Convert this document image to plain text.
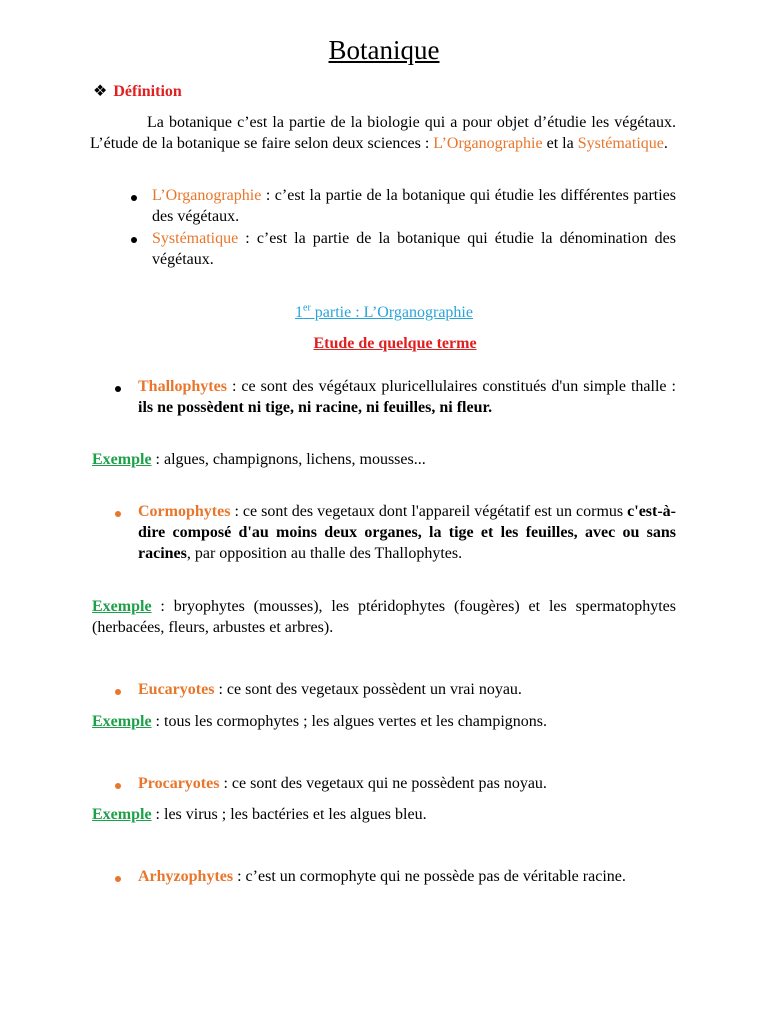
Botanique
❖ Définition
La botanique c’est la partie de la biologie qui a pour objet d’étudie les végétaux. L’étude de la botanique se faire selon deux sciences : L’Organographie et la Systématique.
L’Organographie : c’est la partie de la botanique qui étudie les différentes parties des végétaux.
Systématique : c’est la partie de la botanique qui étudie la dénomination des végétaux.
1er partie : L’Organographie
Etude de quelque terme
Thallophytes : ce sont des végétaux pluricellulaires constitués d'un simple thalle : ils ne possèdent ni tige, ni racine, ni feuilles, ni fleur.
Exemple : algues, champignons, lichens, mousses...
Cormophytes : ce sont des vegetaux dont l'appareil végétatif est un cormus c'est-à-dire composé d'au moins deux organes, la tige et les feuilles, avec ou sans racines, par opposition au thalle des Thallophytes.
Exemple : bryophytes (mousses), les ptéridophytes (fougères) et les spermatophytes (herbacées, fleurs, arbustes et arbres).
Eucaryotes : ce sont des vegetaux possèdent un vrai noyau.
Exemple : tous les cormophytes ; les algues vertes et les champignons.
Procaryotes : ce sont des vegetaux qui ne possèdent pas noyau.
Exemple : les virus ; les bactéries et les algues bleu.
Arhyzophytes : c’est un cormophyte qui ne possède pas de véritable racine.
